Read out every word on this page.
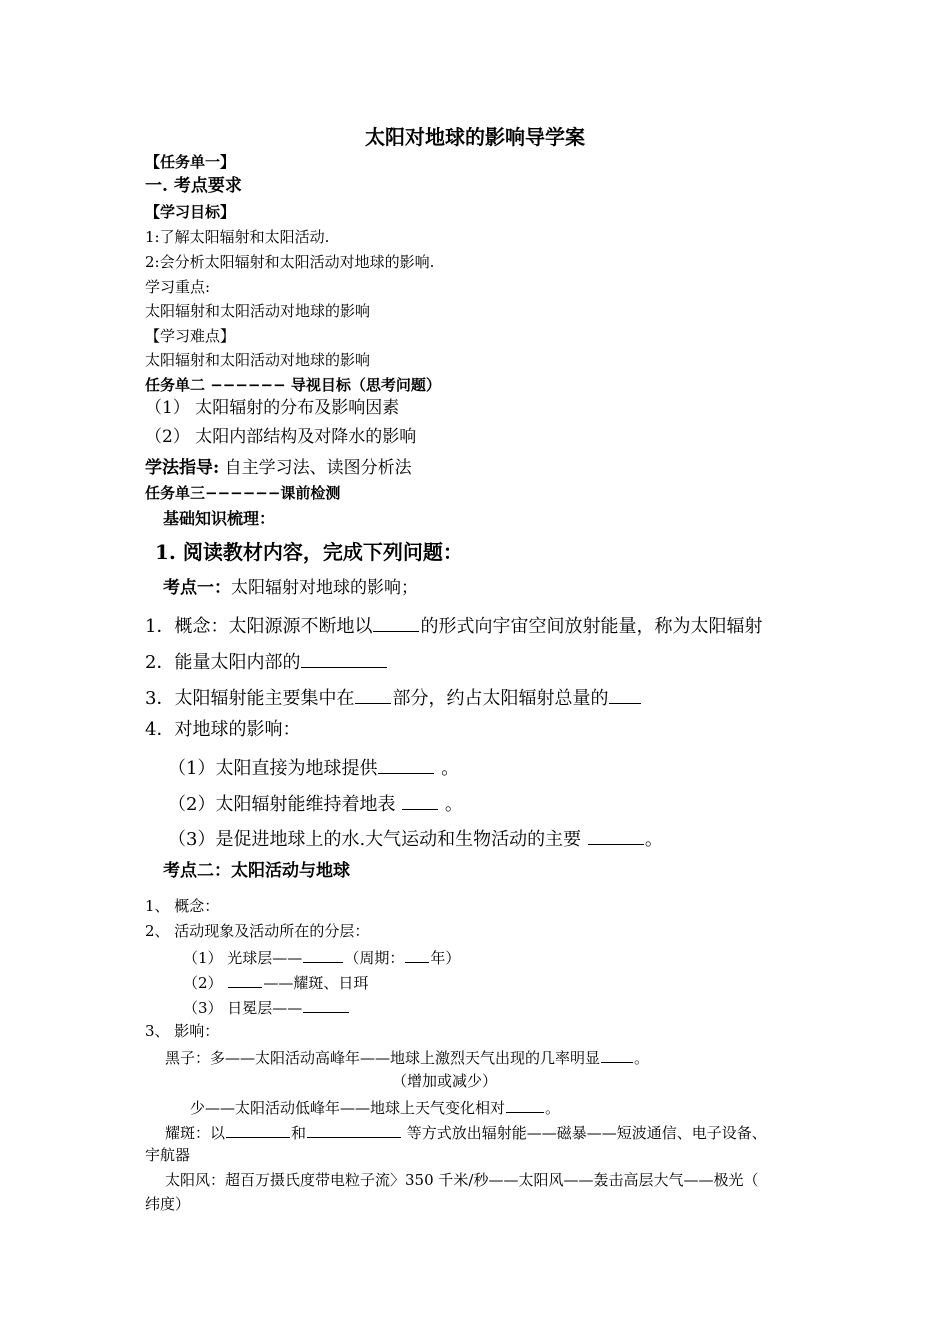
太阳对地球的影响导学案
【任务单一】
一. 考点要求
【学习目标】
1:了解太阳辐射和太阳活动.
2:会分析太阳辐射和太阳活动对地球的影响.
学习重点:
太阳辐射和太阳活动对地球的影响
【学习难点】
太阳辐射和太阳活动对地球的影响
任务单二 −−−−−− 导视目标（思考问题）
（1） 太阳辐射的分布及影响因素
（2） 太阳内部结构及对降水的影响
学法指导: 自主学习法、读图分析法
任务单三−−−−−−课前检测
基础知识梳理：
1. 阅读教材内容，完成下列问题：
考点一：太阳辐射对地球的影响；
1．概念：太阳源源不断地以	的形式向宇宙空间放射能量，称为太阳辐射
2．能量太阳内部的
3．太阳辐射能主要集中在 部分，约占太阳辐射总量的
4．对地球的影响：
（1）太阳直接为地球提供	。
（2）太阳辐射能维持着地表  。
（3）是促进地球上的水.大气运动和生物活动的主要	。
考点二：太阳活动与地球
1、 概念：
2、 活动现象及活动所在的分层：
（1） 光球层——	（周期： 年）
（2） ——耀斑、日珥
（3） 日冕层——
3、 影响：
黑子：多——太阳活动高峰年——地球上激烈天气出现的几率明显 。
（增加或减少）
少——太阳活动低峰年——地球上天气变化相对	。
耀斑：以	和	等方式放出辐射能——磁暴——短波通信、电子设备、
宇航器
太阳风：超百万摄氏度带电粒子流〉350 千米/秒——太阳风——轰击高层大气——极光（
纬度）
